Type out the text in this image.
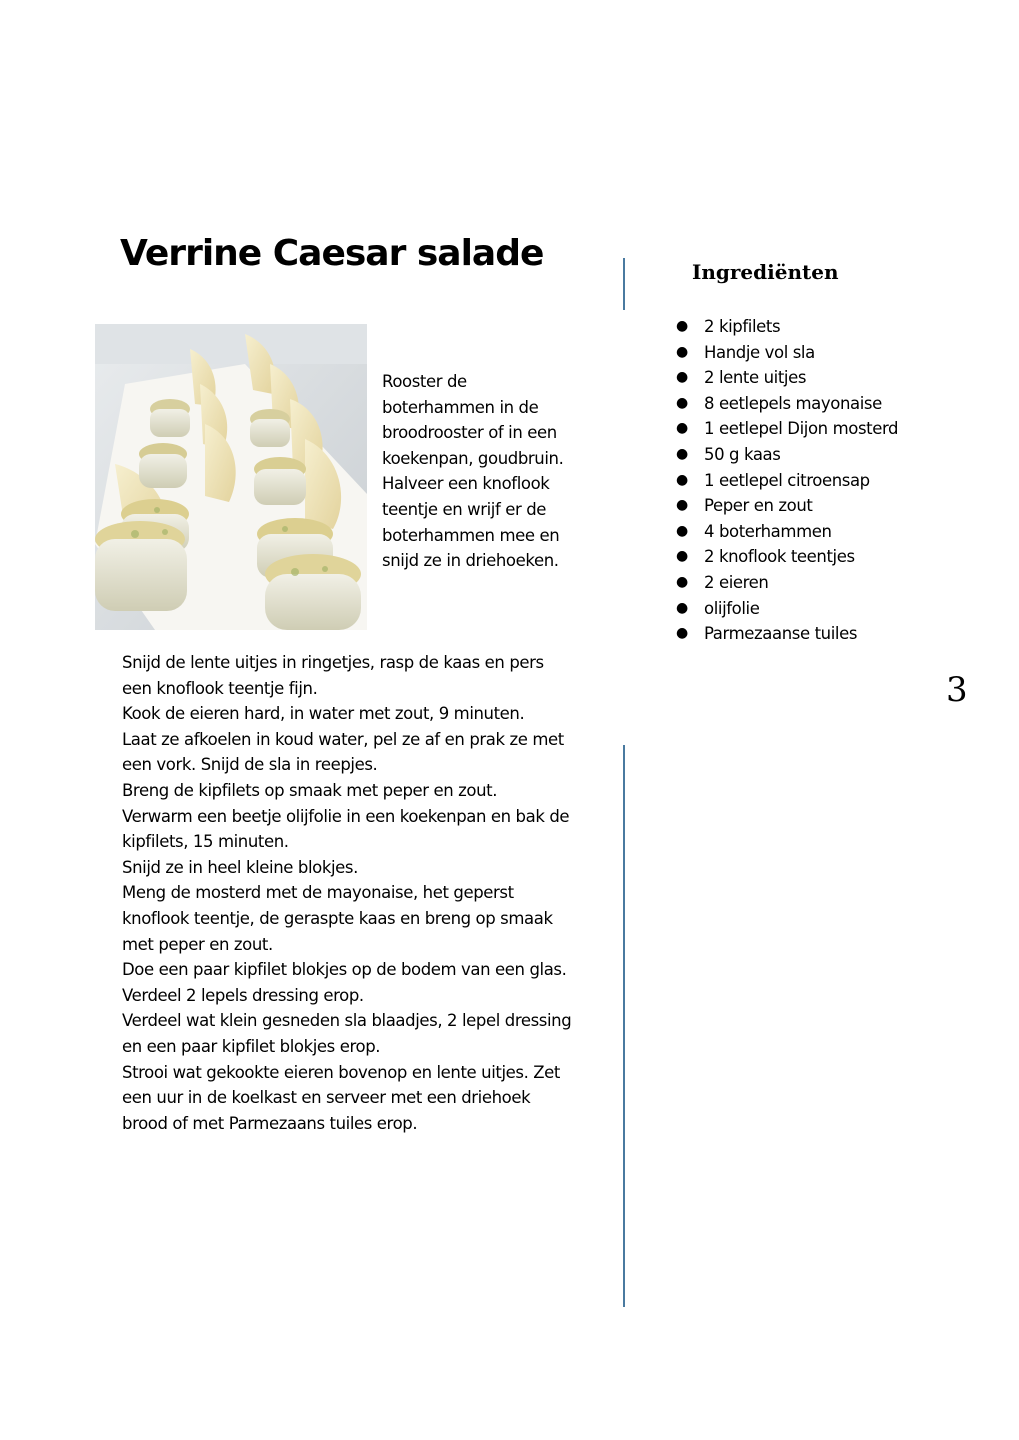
Verrine Caesar salade
Rooster de boterhammen in de broodrooster of in een koekenpan, goudbruin. Halveer een knoflook teentje en wrijf er de boterhammen mee en snijd ze in driehoeken.
Snijd de lente uitjes in ringetjes, rasp de kaas en pers een knoflook teentje fijn.
Kook de eieren hard, in water met zout, 9 minuten.
Laat ze afkoelen in koud water, pel ze af en prak ze met een vork. Snijd de sla in reepjes.
Breng de kipfilets op smaak met peper en zout.
Verwarm een beetje olijfolie in een koekenpan en bak de kipfilets, 15 minuten.
Snijd ze in heel kleine blokjes.
Meng de mosterd met de mayonaise, het geperst knoflook teentje, de geraspte kaas en breng op smaak met peper en zout.
Doe een paar kipfilet blokjes op de bodem van een glas.
Verdeel 2 lepels dressing erop.
Verdeel wat klein gesneden sla blaadjes, 2 lepel dressing en een paar kipfilet blokjes erop.
Strooi wat gekookte eieren bovenop en lente uitjes. Zet een uur in de koelkast en serveer met een driehoek brood of met Parmezaans tuiles erop.
Ingrediënten
● 2 kipfilets
● Handje vol sla
● 2 lente uitjes
● 8 eetlepels mayonaise
● 1 eetlepel Dijon mosterd
● 50 g kaas
● 1 eetlepel citroensap
● Peper en zout
● 4 boterhammen
● 2 knoflook teentjes
● 2 eieren
● olijfolie
● Parmezaanse tuiles
3
